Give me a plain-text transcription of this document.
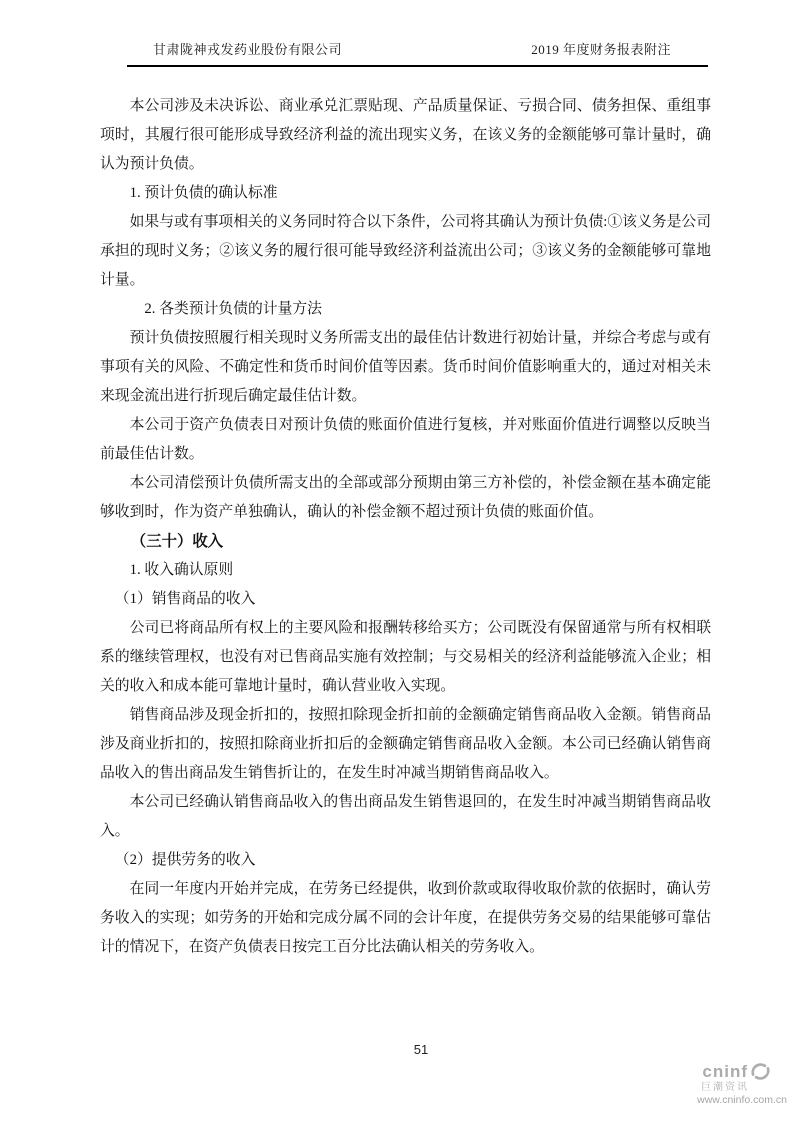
甘肃陇神戎发药业股份有限公司	2019 年度财务报表附注

本公司涉及未决诉讼、商业承兑汇票贴现、产品质量保证、亏损合同、债务担保、重组事项时，其履行很可能形成导致经济利益的流出现实义务，在该义务的金额能够可靠计量时，确认为预计负债。

1. 预计负债的确认标准

如果与或有事项相关的义务同时符合以下条件，公司将其确认为预计负债:①该义务是公司承担的现时义务；②该义务的履行很可能导致经济利益流出公司；③该义务的金额能够可靠地计量。

2. 各类预计负债的计量方法

预计负债按照履行相关现时义务所需支出的最佳估计数进行初始计量，并综合考虑与或有事项有关的风险、不确定性和货币时间价值等因素。货币时间价值影响重大的，通过对相关未来现金流出进行折现后确定最佳估计数。

本公司于资产负债表日对预计负债的账面价值进行复核，并对账面价值进行调整以反映当前最佳估计数。

本公司清偿预计负债所需支出的全部或部分预期由第三方补偿的，补偿金额在基本确定能够收到时，作为资产单独确认，确认的补偿金额不超过预计负债的账面价值。

（三十）收入

1. 收入确认原则

（1）销售商品的收入

公司已将商品所有权上的主要风险和报酬转移给买方；公司既没有保留通常与所有权相联系的继续管理权，也没有对已售商品实施有效控制；与交易相关的经济利益能够流入企业；相关的收入和成本能可靠地计量时，确认营业收入实现。

销售商品涉及现金折扣的，按照扣除现金折扣前的金额确定销售商品收入金额。销售商品涉及商业折扣的，按照扣除商业折扣后的金额确定销售商品收入金额。本公司已经确认销售商品收入的售出商品发生销售折让的，在发生时冲减当期销售商品收入。

本公司已经确认销售商品收入的售出商品发生销售退回的，在发生时冲减当期销售商品收入。

（2）提供劳务的收入

在同一年度内开始并完成，在劳务已经提供，收到价款或取得收取价款的依据时，确认劳务收入的实现；如劳务的开始和完成分属不同的会计年度，在提供劳务交易的结果能够可靠估计的情况下，在资产负债表日按完工百分比法确认相关的劳务收入。

51
cninf
巨潮资讯
www.cninfo.com.cn
